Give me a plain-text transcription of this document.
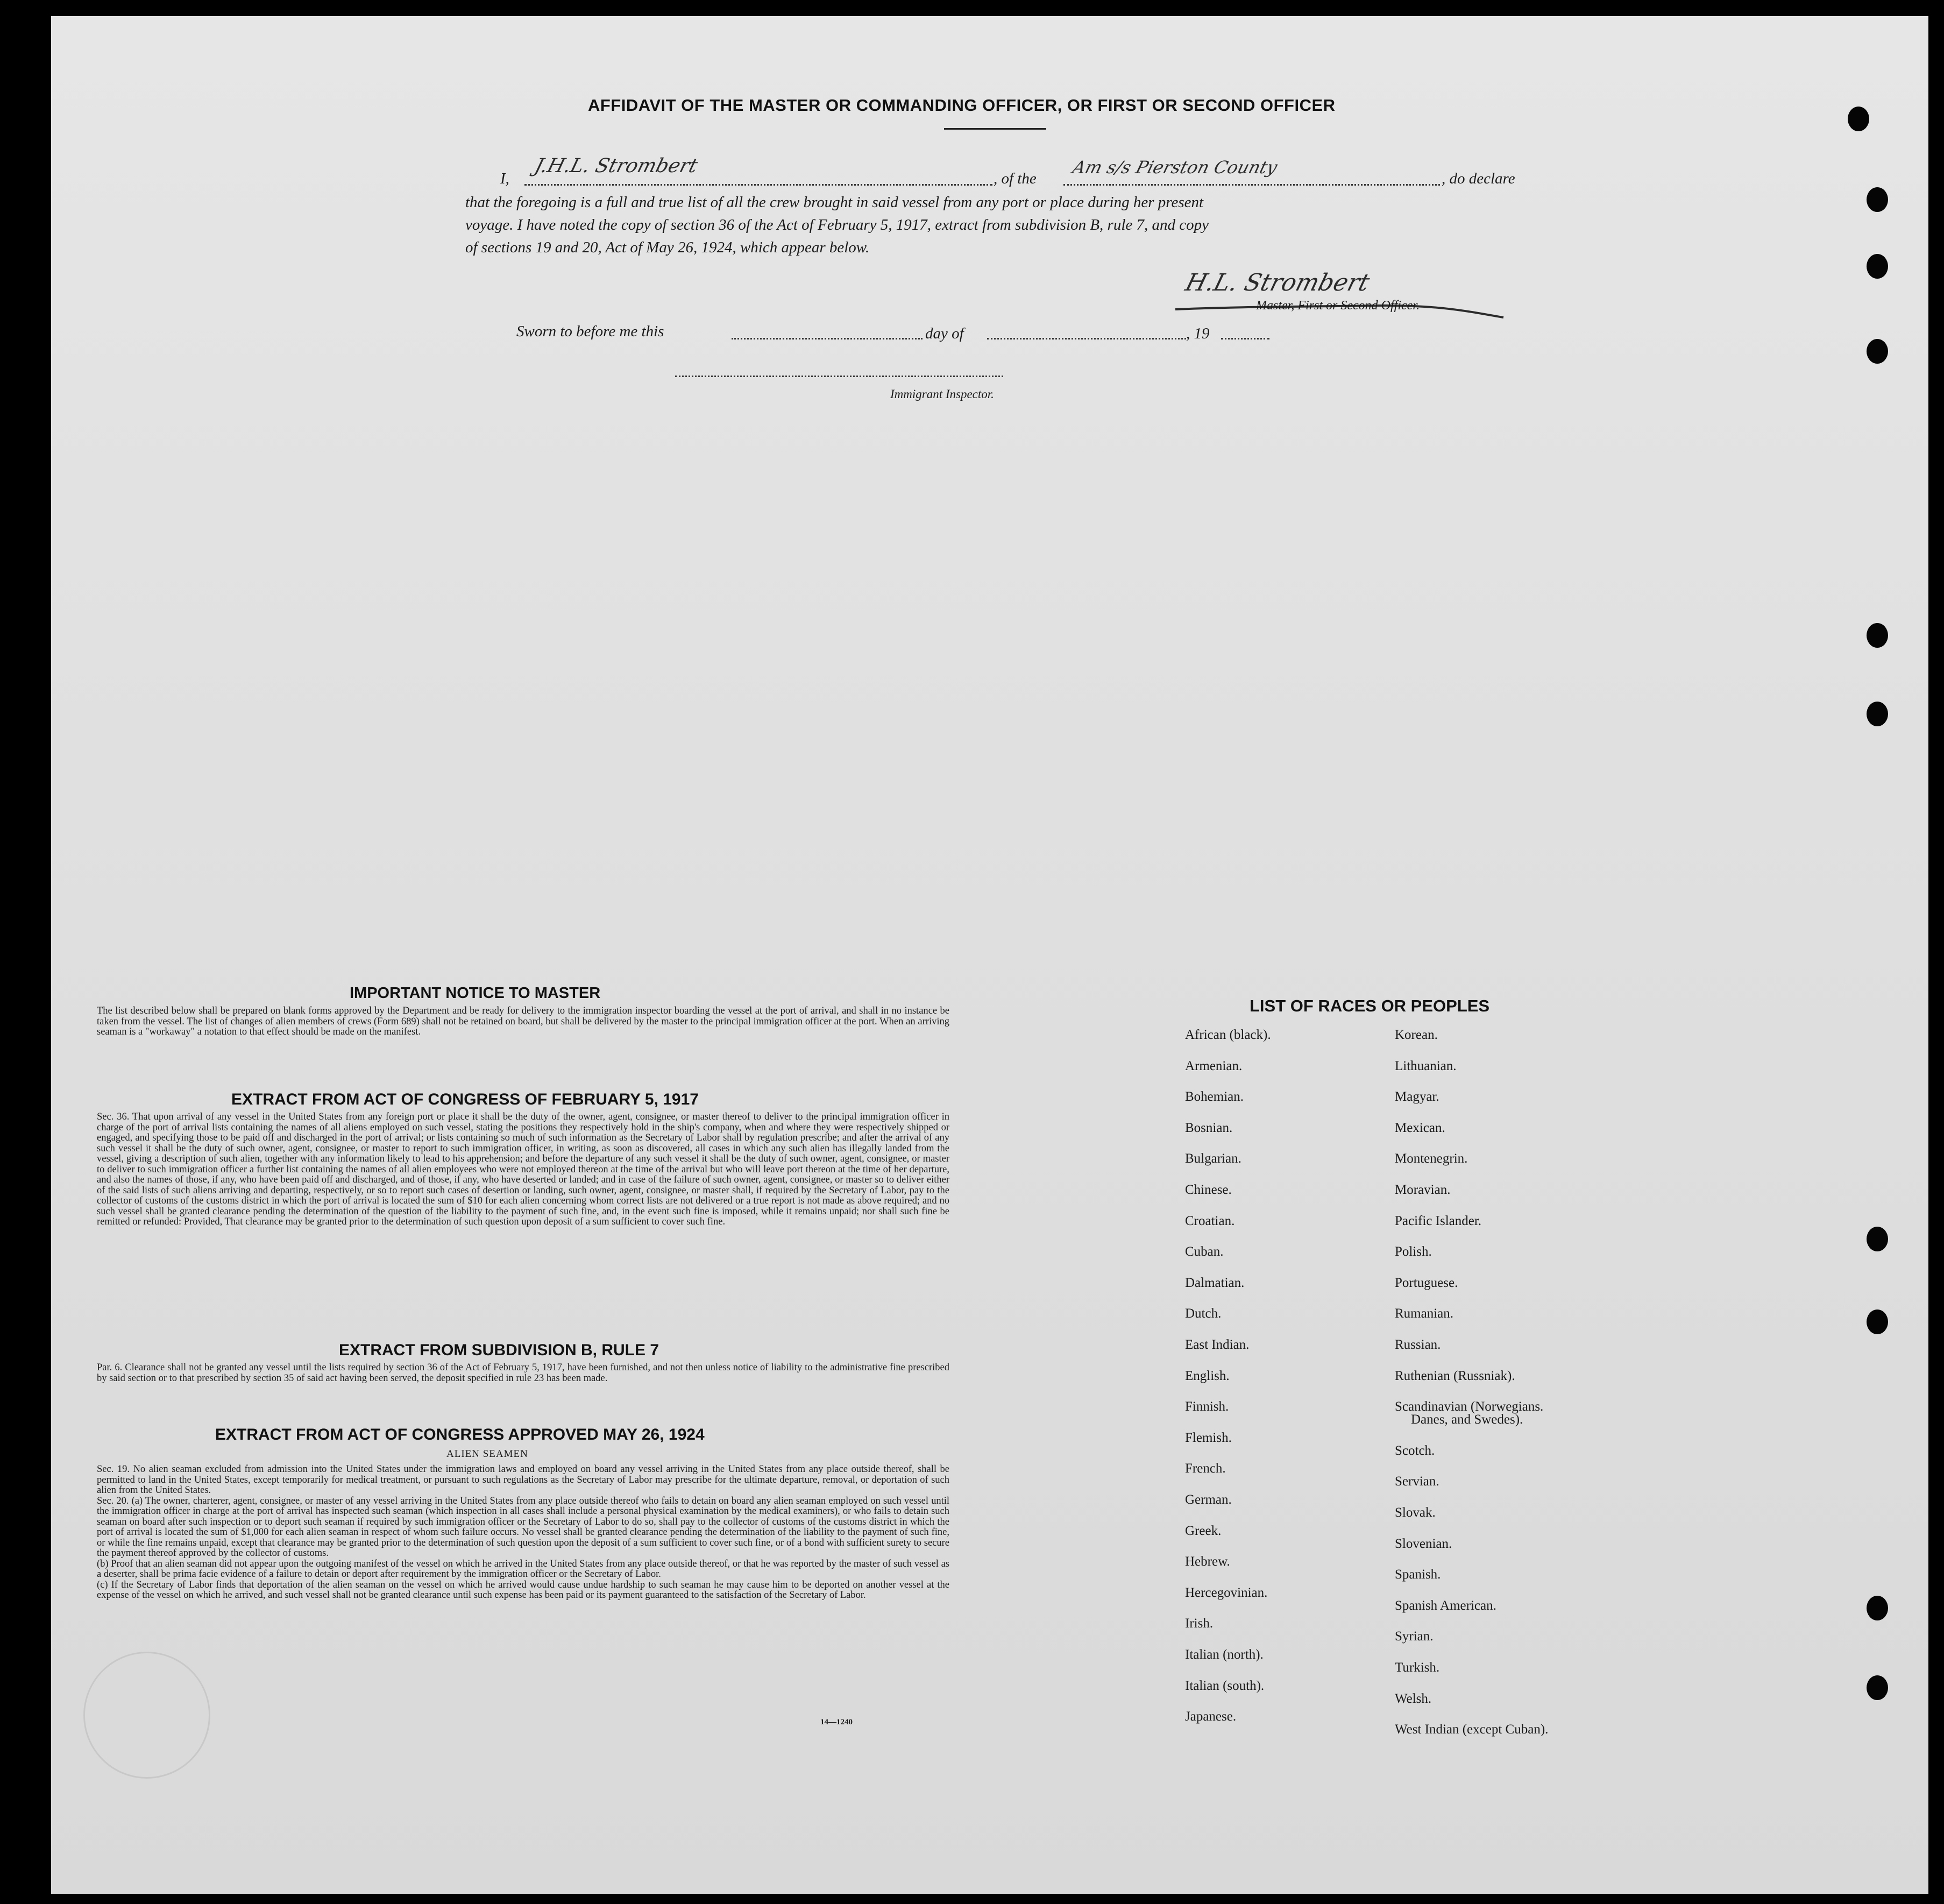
AFFIDAVIT OF THE MASTER OR COMMANDING OFFICER, OR FIRST OR SECOND OFFICER
I,
J.H.L. Strombert
, of the
Am s/s Pierston County
, do declare
that the foregoing is a full and true list of all the crew brought in said vessel from any port or place during her present
voyage. I have noted the copy of section 36 of the Act of February 5, 1917, extract from subdivision B, rule 7, and copy
of sections 19 and 20, Act of May 26, 1924, which appear below.
H.L. Strombert
Master, First or Second Officer.
Sworn to before me this	day of	, 19
Immigrant Inspector.
IMPORTANT NOTICE TO MASTER
The list described below shall be prepared on blank forms approved by the Department and be ready for delivery to the immigration inspector boarding the vessel at the port of arrival, and shall in no instance be taken from the vessel. The list of changes of alien members of crews (Form 689) shall not be retained on board, but shall be delivered by the master to the principal immigration officer at the port. When an arriving seaman is a "workaway" a notation to that effect should be made on the manifest.
EXTRACT FROM ACT OF CONGRESS OF FEBRUARY 5, 1917
Sec. 36. That upon arrival of any vessel in the United States from any foreign port or place it shall be the duty of the owner, agent, consignee, or master thereof to deliver to the principal immigration officer in charge of the port of arrival lists containing the names of all aliens employed on such vessel, stating the positions they respectively hold in the ship's company, when and where they were respectively shipped or engaged, and specifying those to be paid off and discharged in the port of arrival; or lists containing so much of such information as the Secretary of Labor shall by regulation prescribe; and after the arrival of any such vessel it shall be the duty of such owner, agent, consignee, or master to report to such immigration officer, in writing, as soon as discovered, all cases in which any such alien has illegally landed from the vessel, giving a description of such alien, together with any information likely to lead to his apprehension; and before the departure of any such vessel it shall be the duty of such owner, agent, consignee, or master to deliver to such immigration officer a further list containing the names of all alien employees who were not employed thereon at the time of the arrival but who will leave port thereon at the time of her departure, and also the names of those, if any, who have been paid off and discharged, and of those, if any, who have deserted or landed; and in case of the failure of such owner, agent, consignee, or master so to deliver either of the said lists of such aliens arriving and departing, respectively, or so to report such cases of desertion or landing, such owner, agent, consignee, or master shall, if required by the Secretary of Labor, pay to the collector of customs of the customs district in which the port of arrival is located the sum of $10 for each alien concerning whom correct lists are not delivered or a true report is not made as above required; and no such vessel shall be granted clearance pending the determination of the question of the liability to the payment of such fine, and, in the event such fine is imposed, while it remains unpaid; nor shall such fine be remitted or refunded: Provided, That clearance may be granted prior to the determination of such question upon deposit of a sum sufficient to cover such fine.
EXTRACT FROM SUBDIVISION B, RULE 7
Par. 6. Clearance shall not be granted any vessel until the lists required by section 36 of the Act of February 5, 1917, have been furnished, and not then unless notice of liability to the administrative fine prescribed by said section or to that prescribed by section 35 of said act having been served, the deposit specified in rule 23 has been made.
EXTRACT FROM ACT OF CONGRESS APPROVED MAY 26, 1924
ALIEN SEAMEN
Sec. 19. No alien seaman excluded from admission into the United States under the immigration laws and employed on board any vessel arriving in the United States from any place outside thereof, shall be permitted to land in the United States, except temporarily for medical treatment, or pursuant to such regulations as the Secretary of Labor may prescribe for the ultimate departure, removal, or deportation of such alien from the United States.
Sec. 20. (a) The owner, charterer, agent, consignee, or master of any vessel arriving in the United States from any place outside thereof who fails to detain on board any alien seaman employed on such vessel until the immigration officer in charge at the port of arrival has inspected such seaman (which inspection in all cases shall include a personal physical examination by the medical examiners), or who fails to detain such seaman on board after such inspection or to deport such seaman if required by such immigration officer or the Secretary of Labor to do so, shall pay to the collector of customs of the customs district in which the port of arrival is located the sum of $1,000 for each alien seaman in respect of whom such failure occurs. No vessel shall be granted clearance pending the determination of the liability to the payment of such fine, or while the fine remains unpaid, except that clearance may be granted prior to the determination of such question upon the deposit of a sum sufficient to cover such fine, or of a bond with sufficient surety to secure the payment thereof approved by the collector of customs.
(b) Proof that an alien seaman did not appear upon the outgoing manifest of the vessel on which he arrived in the United States from any place outside thereof, or that he was reported by the master of such vessel as a deserter, shall be prima facie evidence of a failure to detain or deport after requirement by the immigration officer or the Secretary of Labor.
(c) If the Secretary of Labor finds that deportation of the alien seaman on the vessel on which he arrived would cause undue hardship to such seaman he may cause him to be deported on another vessel at the expense of the vessel on which he arrived, and such vessel shall not be granted clearance until such expense has been paid or its payment guaranteed to the satisfaction of the Secretary of Labor.
14—1240
LIST OF RACES OR PEOPLES
African (black).
Armenian.
Bohemian.
Bosnian.
Bulgarian.
Chinese.
Croatian.
Cuban.
Dalmatian.
Dutch.
East Indian.
English.
Finnish.
Flemish.
French.
German.
Greek.
Hebrew.
Hercegovinian.
Irish.
Italian (north).
Italian (south).
Japanese.
Korean.
Lithuanian.
Magyar.
Mexican.
Montenegrin.
Moravian.
Pacific Islander.
Polish.
Portuguese.
Rumanian.
Russian.
Ruthenian (Russniak).
Scandinavian (Norwegians.
Danes, and Swedes).
Scotch.
Servian.
Slovak.
Slovenian.
Spanish.
Spanish American.
Syrian.
Turkish.
Welsh.
West Indian (except Cuban).
